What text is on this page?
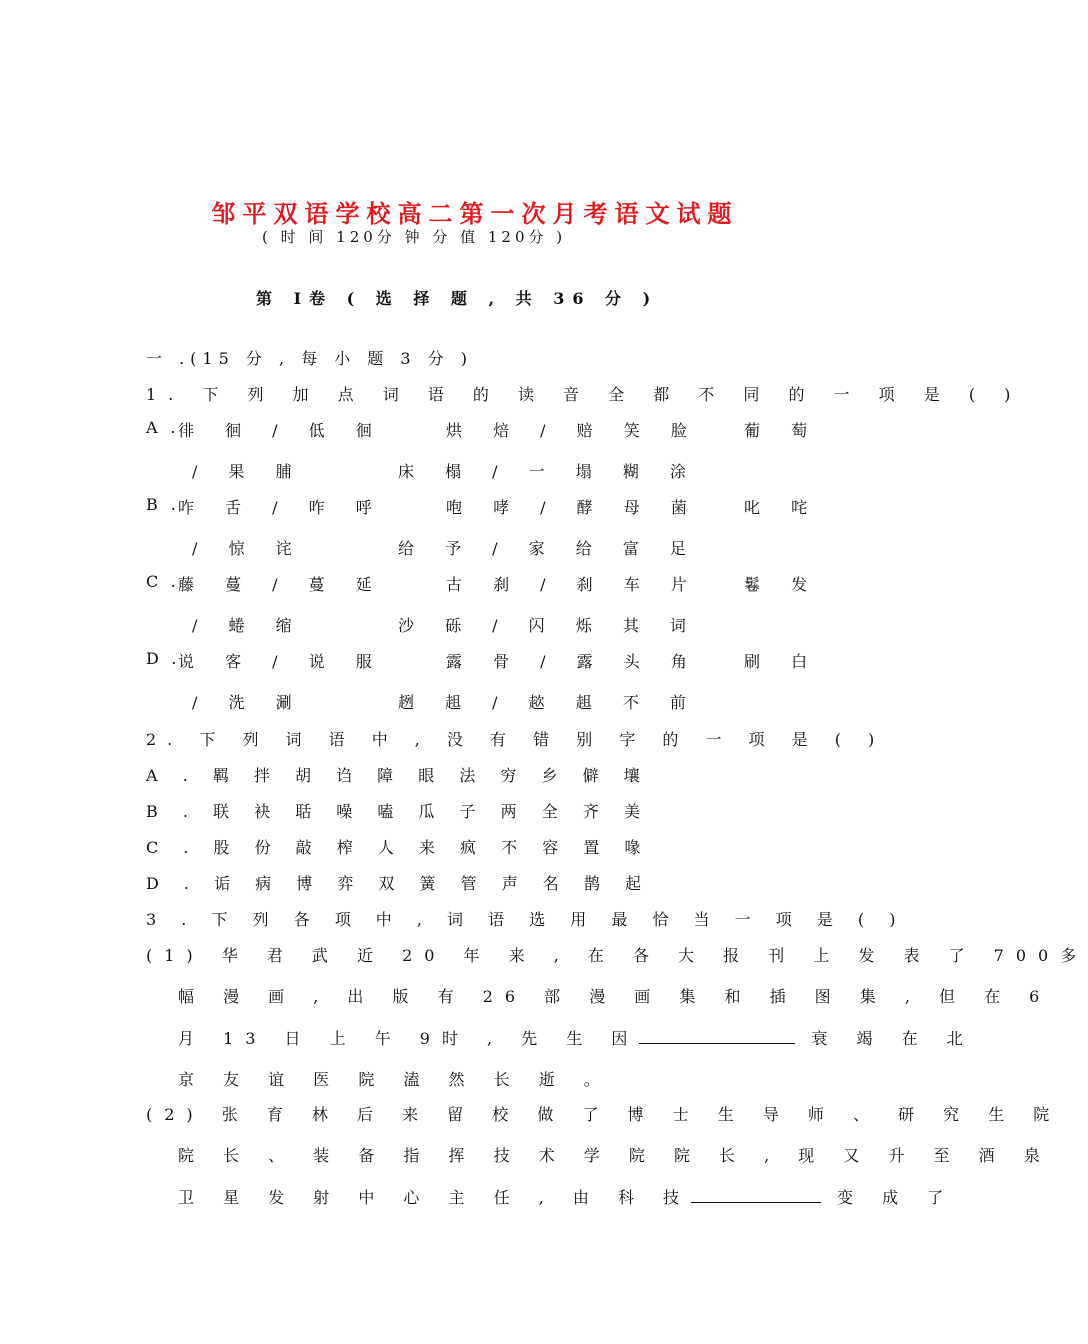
邹平双语学校高二第一次月考语文试题
( 时 间 120分 钟 分 值 120分 )
第 I卷 ( 选 择 题 , 共 36 分 )
一 .(15 分 , 每 小 题 3 分 )
1. 下 列 加 点 词 语 的 读 音 全 都 不 同 的 一 项 是 ( )
A.
徘 徊 / 低 徊	烘 焙 / 赔 笑 脸	葡 萄
/ 果 脯	床 榻 / 一 塌 糊 涂
B.
咋 舌 / 咋 呼	咆 哮 / 酵 母 菌	叱 咤
/ 惊 诧	给 予 / 家 给 富 足
C.
藤 蔓 / 蔓 延	古 刹 / 刹 车 片	鬈 发
/ 蜷 缩	沙 砾 / 闪 烁 其 词
D.
说 客 / 说 服	露 骨 / 露 头 角	刷 白
/ 洗 涮	趔 趄 / 趑 趄 不 前
2. 下 列 词 语 中 , 没 有 错 别 字 的 一 项 是 ( )
A . 羁 拌 胡 诌 障 眼 法 穷 乡 僻 壤
B . 联 袂 聒 噪 嗑 瓜 子 两 全 齐 美
C . 股 份 敲 榨 人 来 疯 不 容 置 喙
D . 诟 病 博 弈 双 簧 管 声 名 鹊 起
3 . 下 列 各 项 中 , 词 语 选 用 最 恰 当 一 项 是 ( )
(1) 华 君 武 近 20 年 来 , 在 各 大 报 刊 上 发 表 了 700多
幅 漫 画 , 出 版 有 26 部 漫 画 集 和 插 图 集 , 但 在 6
月 13 日 上 午 9时 , 先 生 因	衰 竭 在 北
京 友 谊 医 院 溘 然 长 逝 。
(2) 张 育 林 后 来 留 校 做 了 博 士 生 导 师 、 研 究 生 院
院 长 、 装 备 指 挥 技 术 学 院 院 长 , 现 又 升 至 酒 泉
卫 星 发 射 中 心 主 任 , 由 科 技	变 成 了
